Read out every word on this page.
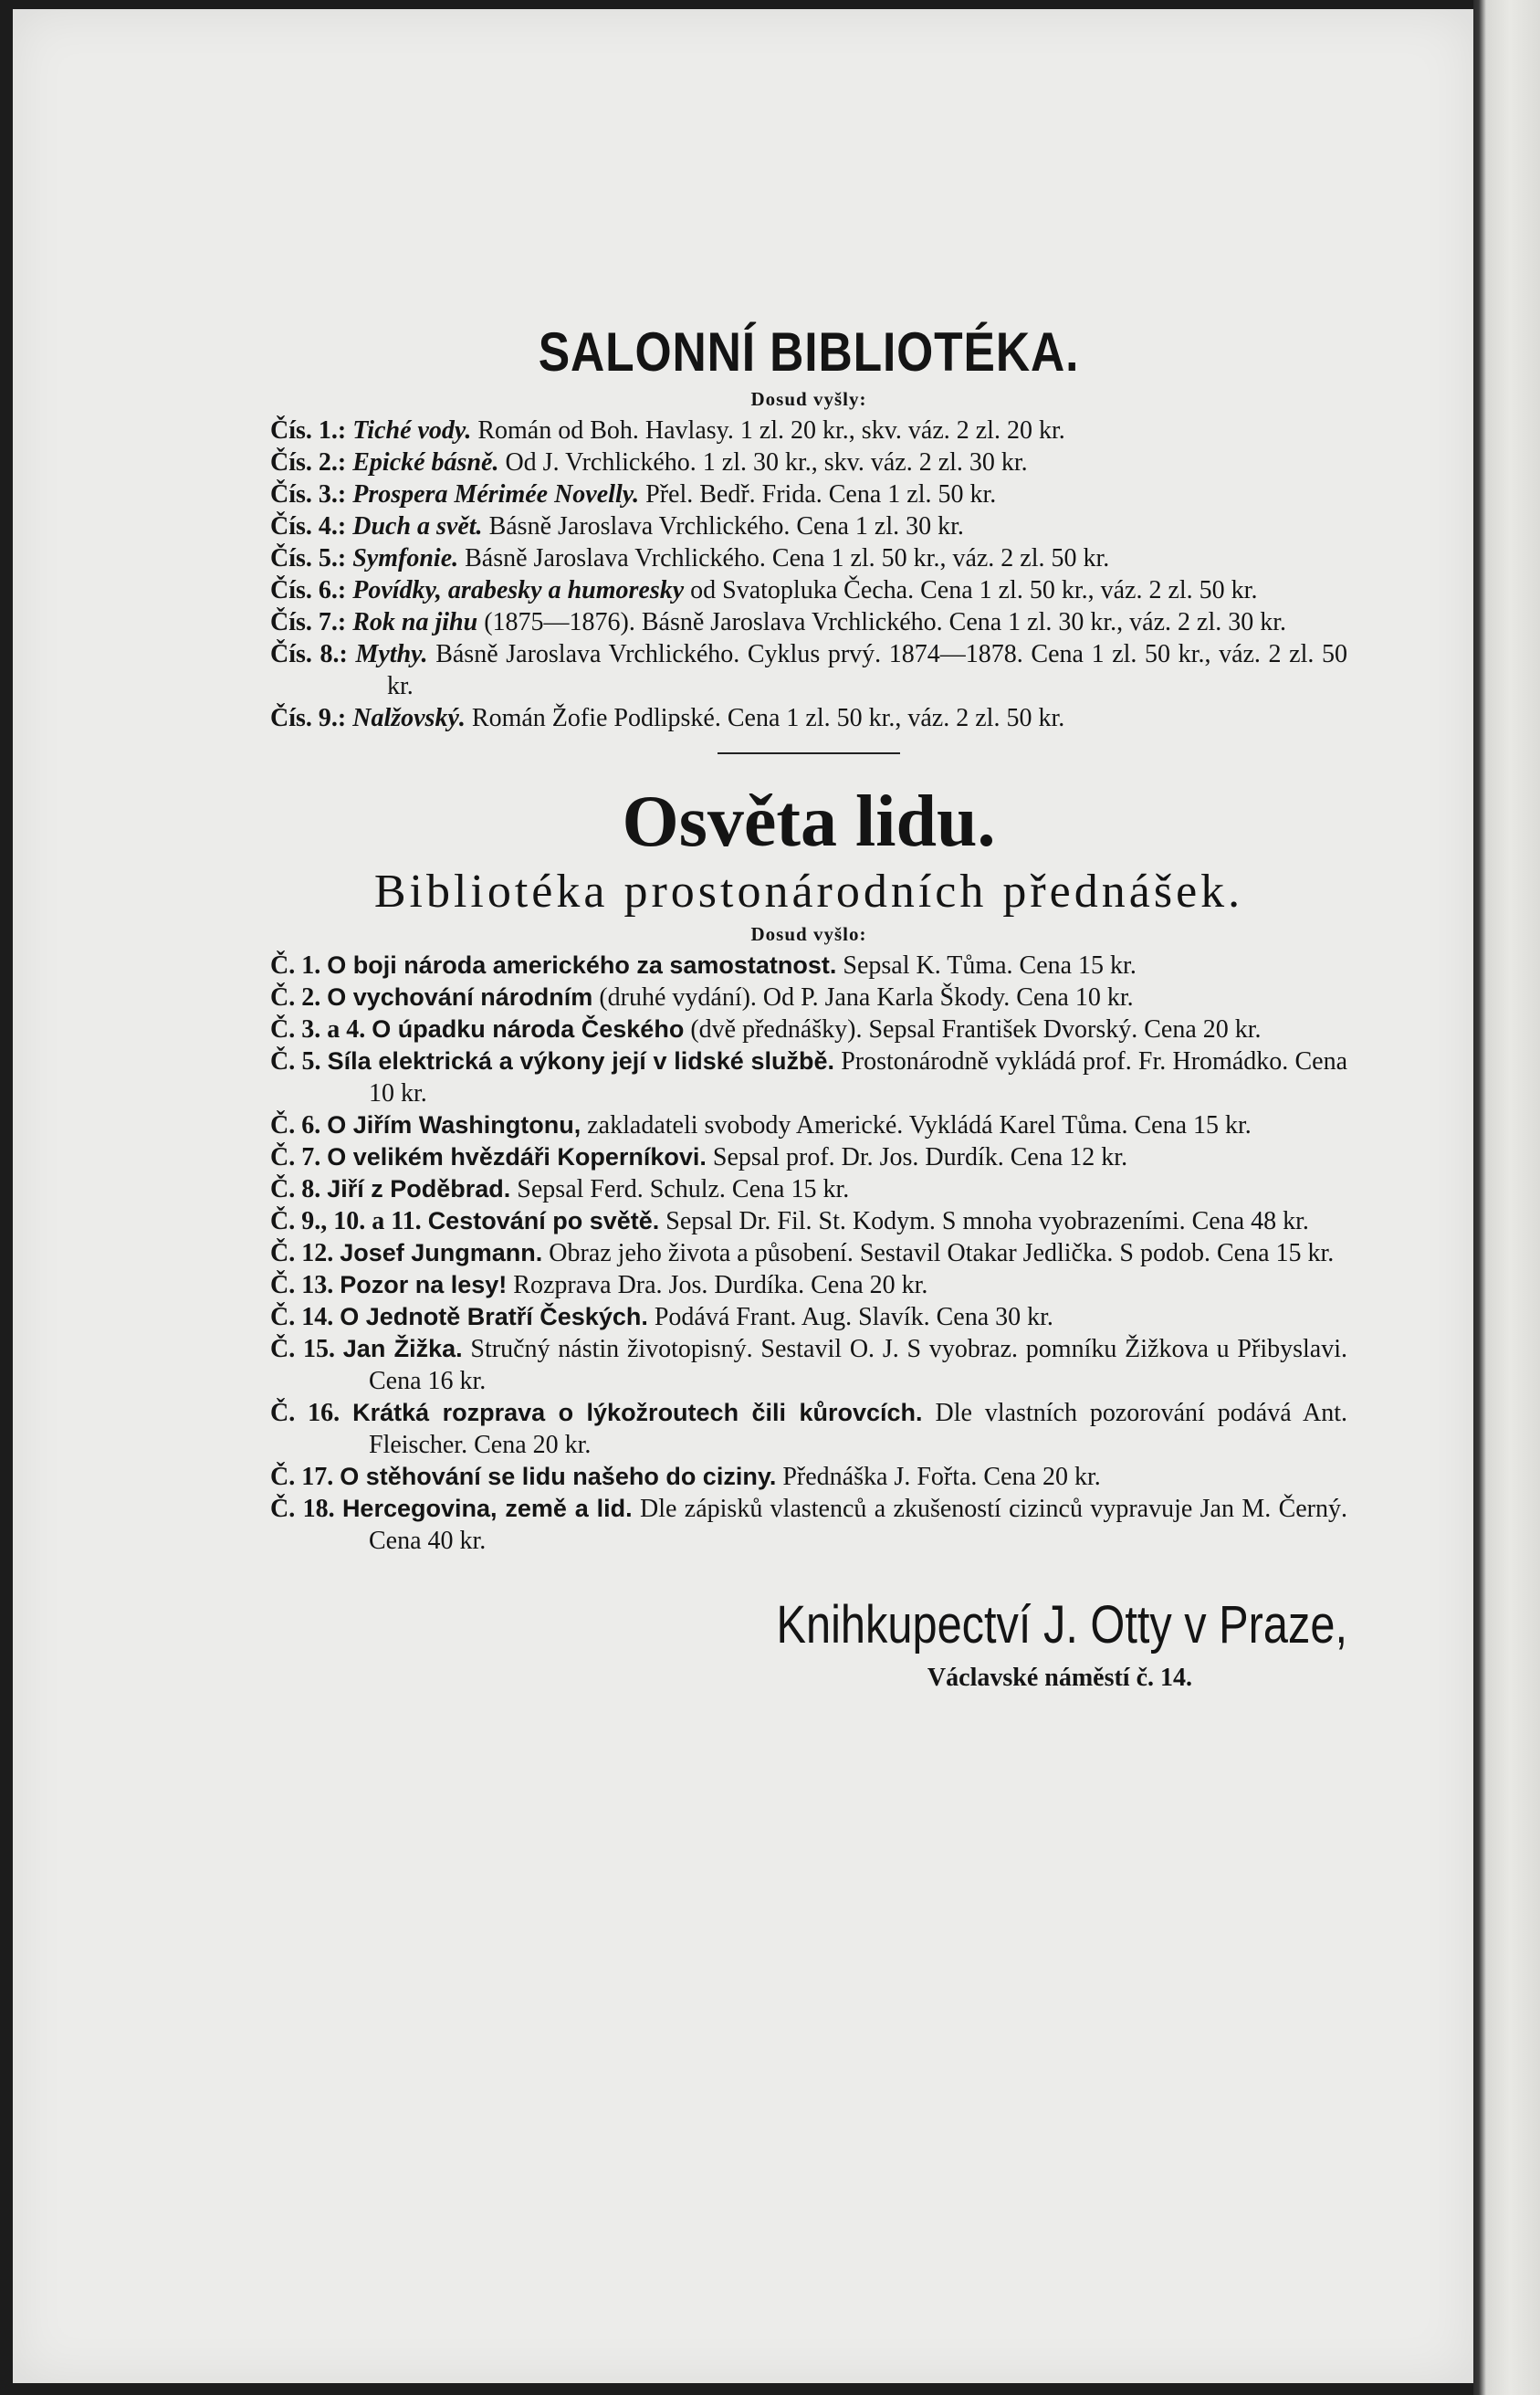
SALONNÍ BIBLIOTÉKA.

Dosud vyšly:

Čís. 1.: Tiché vody. Román od Boh. Havlasy. 1 zl. 20 kr., skv. váz. 2 zl. 20 kr.

Čís. 2.: Epické básně. Od J. Vrchlického. 1 zl. 30 kr., skv. váz. 2 zl. 30 kr.

Čís. 3.: Prospera Mérimée Novelly. Přel. Bedř. Frida. Cena 1 zl. 50 kr.

Čís. 4.: Duch a svět. Básně Jaroslava Vrchlického. Cena 1 zl. 30 kr.

Čís. 5.: Symfonie. Básně Jaroslava Vrchlického. Cena 1 zl. 50 kr., váz. 2 zl. 50 kr.

Čís. 6.: Povídky, arabesky a humoresky od Svatopluka Čecha. Cena 1 zl. 50 kr., váz. 2 zl. 50 kr.

Čís. 7.: Rok na jihu (1875—1876). Básně Jaroslava Vrchlického. Cena 1 zl. 30 kr., váz. 2 zl. 30 kr.

Čís. 8.: Mythy. Básně Jaroslava Vrchlického. Cyklus prvý. 1874—1878. Cena 1 zl. 50 kr., váz. 2 zl. 50 kr.

Čís. 9.: Nalžovský. Román Žofie Podlipské. Cena 1 zl. 50 kr., váz. 2 zl. 50 kr.

Osvěta lidu.

Bibliotéka prostonárodních přednášek.

Dosud vyšlo:

Č. 1. O boji národa amerického za samostatnost. Sepsal K. Tůma. Cena 15 kr.

Č. 2. O vychování národním (druhé vydání). Od P. Jana Karla Škody. Cena 10 kr.

Č. 3. a 4. O úpadku národa Českého (dvě přednášky). Sepsal František Dvorský. Cena 20 kr.

Č. 5. Síla elektrická a výkony její v lidské službě. Prostonárodně vykládá prof. Fr. Hromádko. Cena 10 kr.

Č. 6. O Jiřím Washingtonu, zakladateli svobody Americké. Vykládá Karel Tůma. Cena 15 kr.

Č. 7. O velikém hvězdáři Koperníkovi. Sepsal prof. Dr. Jos. Durdík. Cena 12 kr.

Č. 8. Jiří z Poděbrad. Sepsal Ferd. Schulz. Cena 15 kr.

Č. 9., 10. a 11. Cestování po světě. Sepsal Dr. Fil. St. Kodym. S mnoha vyobrazeními. Cena 48 kr.

Č. 12. Josef Jungmann. Obraz jeho života a působení. Sestavil Otakar Jedlička. S podob. Cena 15 kr.

Č. 13. Pozor na lesy! Rozprava Dra. Jos. Durdíka. Cena 20 kr.

Č. 14. O Jednotě Bratří Českých. Podává Frant. Aug. Slavík. Cena 30 kr.

Č. 15. Jan Žižka. Stručný nástin životopisný. Sestavil O. J. S vyobraz. pomníku Žižkova u Přibyslavi. Cena 16 kr.

Č. 16. Krátká rozprava o lýkožroutech čili kůrovcích. Dle vlastních pozorování podává Ant. Fleischer. Cena 20 kr.

Č. 17. O stěhování se lidu našeho do ciziny. Přednáška J. Fořta. Cena 20 kr.

Č. 18. Hercegovina, země a lid. Dle zápisků vlastenců a zkušeností cizinců vypravuje Jan M. Černý. Cena 40 kr.

Knihkupectví J. Otty v Praze,

Václavské náměstí č. 14.
